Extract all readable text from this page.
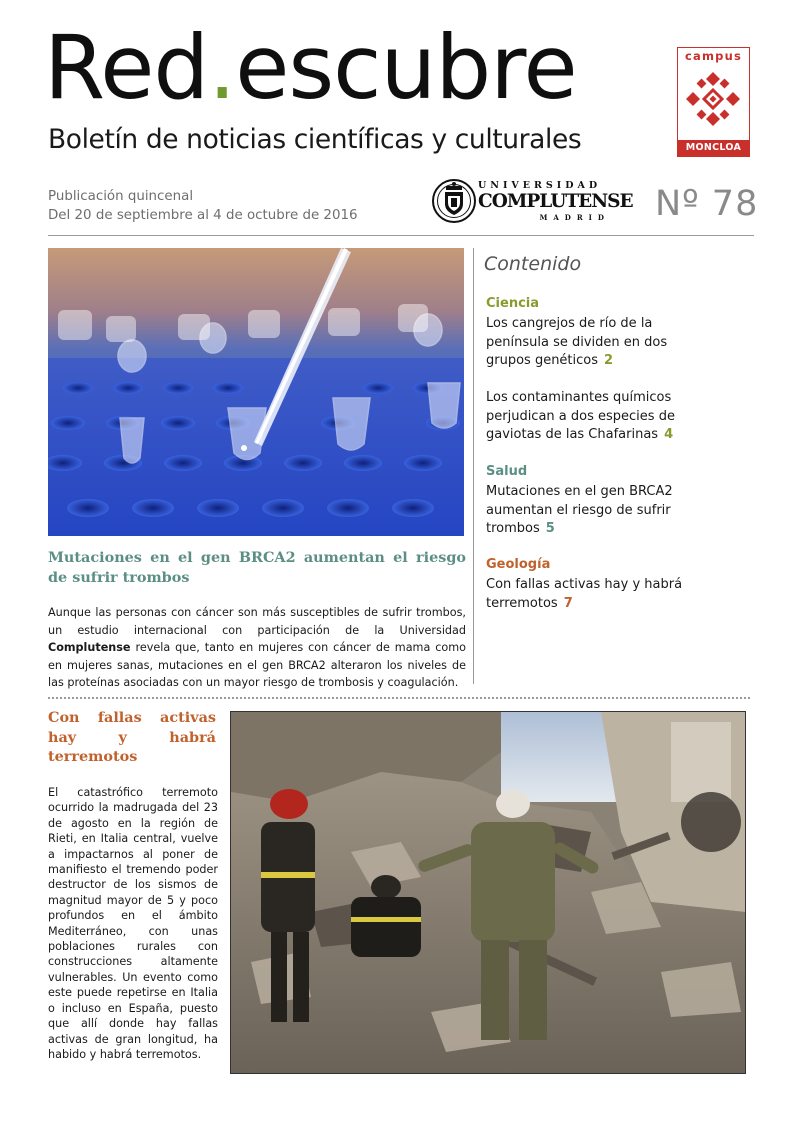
Red.escubre
Boletín de noticias científicas y culturales
Publicación quincenal
Del 20 de septiembre al 4 de octubre de 2016
UNIVERSIDAD
COMPLUTENSE
MADRID Nº 78
campus
MONCLOA
Mutaciones en el gen BRCA2 aumentan el riesgo de sufrir trombos
Aunque las personas con cáncer son más susceptibles de sufrir trombos, un estudio internacional con participación de la Universidad Complutense revela que, tanto en mujeres con cáncer de mama como en mujeres sanas, mutaciones en el gen BRCA2 alteraron los niveles de las proteínas asociadas con un mayor riesgo de trombosis y coagulación.
Contenido
Ciencia
Los cangrejos de río de la península se dividen en dos grupos genéticos 2
Los contaminantes químicos perjudican a dos especies de gaviotas de las Chafarinas 4
Salud
Mutaciones en el gen BRCA2 aumentan el riesgo de sufrir trombos 5
Geología
Con fallas activas hay y habrá terremotos 7
Con fallas activas hay y habrá terremotos
El catastrófico terremoto ocurrido la madrugada del 23 de agosto en la región de Rieti, en Italia central, vuelve a impactarnos al poner de manifiesto el tremendo poder destructor de los sismos de magnitud mayor de 5 y poco profundos en el ámbito Mediterráneo, con unas poblaciones rurales con construcciones altamente vulnerables. Un evento como este puede repetirse en Italia o incluso en España, puesto que allí donde hay fallas activas de gran longitud, ha habido y habrá terremotos.
